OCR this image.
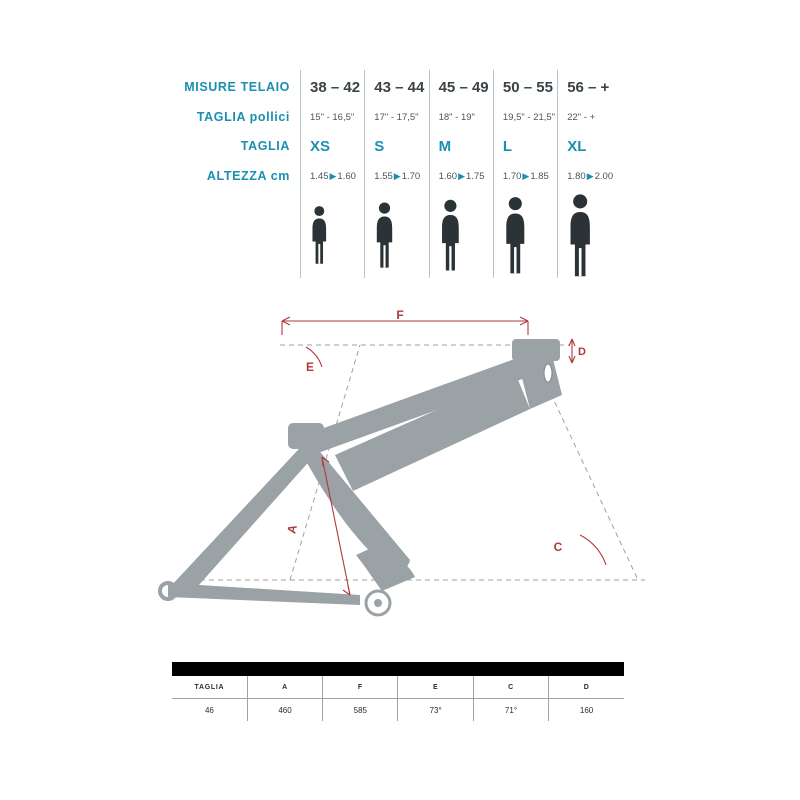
MISURE TELAIO	38 – 42	43 – 44	45 – 49	50 – 55	56 – +
TAGLIA pollici	15" - 16,5"	17" - 17,5"	18" - 19"	19,5" - 21,5"	22" - +
TAGLIA	XS	S	M	L	XL
ALTEZZA cm	1.45▶1.60	1.55▶1.70	1.60▶1.75	1.70▶1.85	1.80▶2.00

F
E
A
C
D

TAGLIA	A	F	E	C	D
46	460	585	73°	71°	160
